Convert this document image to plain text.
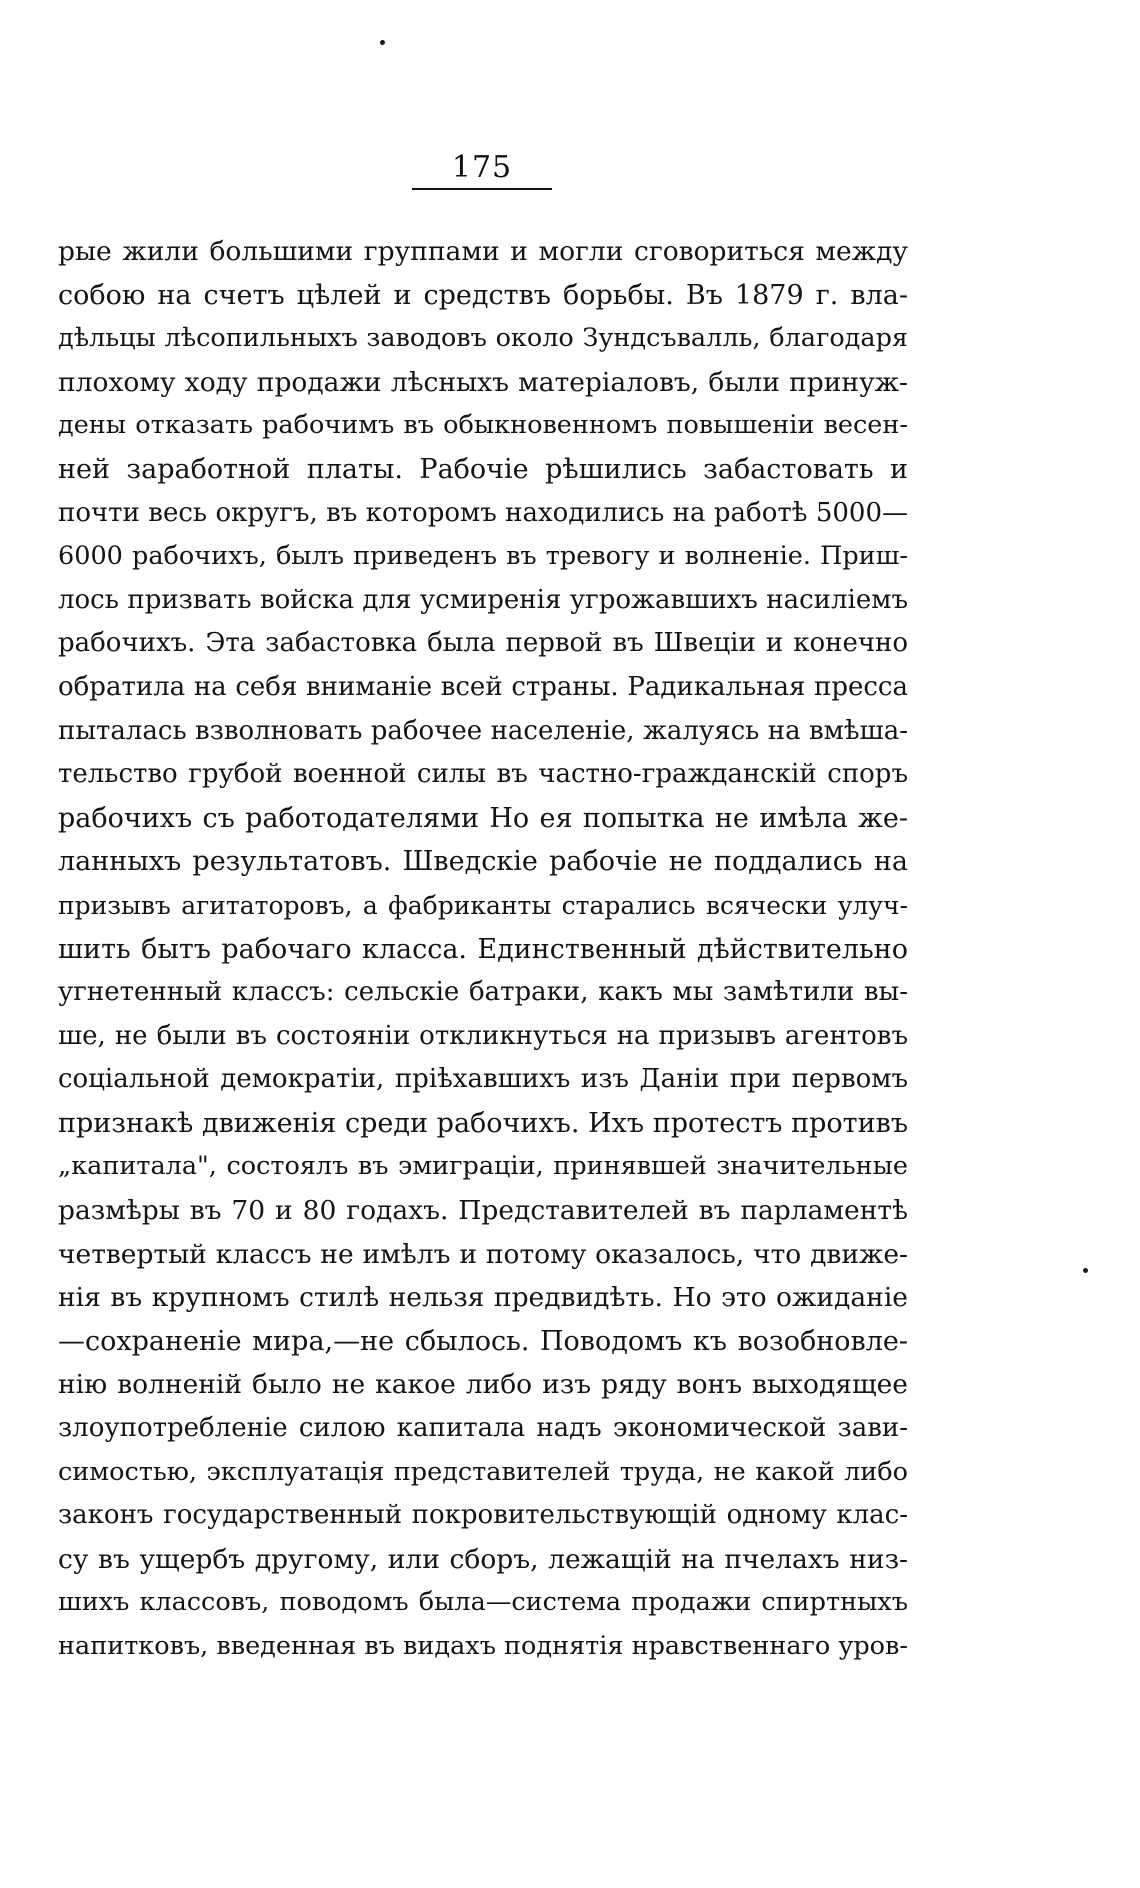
175
рые жили большими группами и могли сговориться между
собою на счетъ цѣлей и средствъ борьбы. Въ 1879 г. вла-
дѣльцы лѣсопильныхъ заводовъ около Зундсъвалль, благодаря
плохому ходу продажи лѣсныхъ матеріаловъ, были принуж-
дены отказать рабочимъ въ обыкновенномъ повышеніи весен-
ней заработной платы. Рабочіе рѣшились забастовать и
почти весь округъ, въ которомъ находились на работѣ 5000—
6000 рабочихъ, былъ приведенъ въ тревогу и волненіе. Приш-
лось призвать войска для усмиренія угрожавшихъ насиліемъ
рабочихъ. Эта забастовка была первой въ Швеціи и конечно
обратила на себя вниманіе всей страны. Радикальная пресса
пыталась взволновать рабочее населеніе, жалуясь на вмѣша-
тельство грубой военной силы въ частно-гражданскій споръ
рабочихъ съ работодателями Но ея попытка не имѣла же-
ланныхъ результатовъ. Шведскіе рабочіе не поддались на
призывъ агитаторовъ, а фабриканты старались всячески улуч-
шить бытъ рабочаго класса. Единственный дѣйствительно
угнетенный классъ: сельскіе батраки, какъ мы замѣтили вы-
ше, не были въ состояніи откликнуться на призывъ агентовъ
соціальной демократіи, пріѣхавшихъ изъ Даніи при первомъ
признакѣ движенія среди рабочихъ. Ихъ протестъ противъ
„капитала", состоялъ въ эмиграціи, принявшей значительные
размѣры въ 70 и 80 годахъ. Представителей въ парламентѣ
четвертый классъ не имѣлъ и потому оказалось, что движе-
нія въ крупномъ стилѣ нельзя предвидѣть. Но это ожиданіе
—сохраненіе мира,—не сбылось. Поводомъ къ возобновле-
нію волненій было не какое либо изъ ряду вонъ выходящее
злоупотребленіе силою капитала надъ экономической зави-
симостью, эксплуатація представителей труда, не какой либо
законъ государственный покровительствующій одному клас-
су въ ущербъ другому, или сборъ, лежащій на пчелахъ низ-
шихъ классовъ, поводомъ была—система продажи спиртныхъ
напитковъ, введенная въ видахъ поднятія нравственнаго уров-
